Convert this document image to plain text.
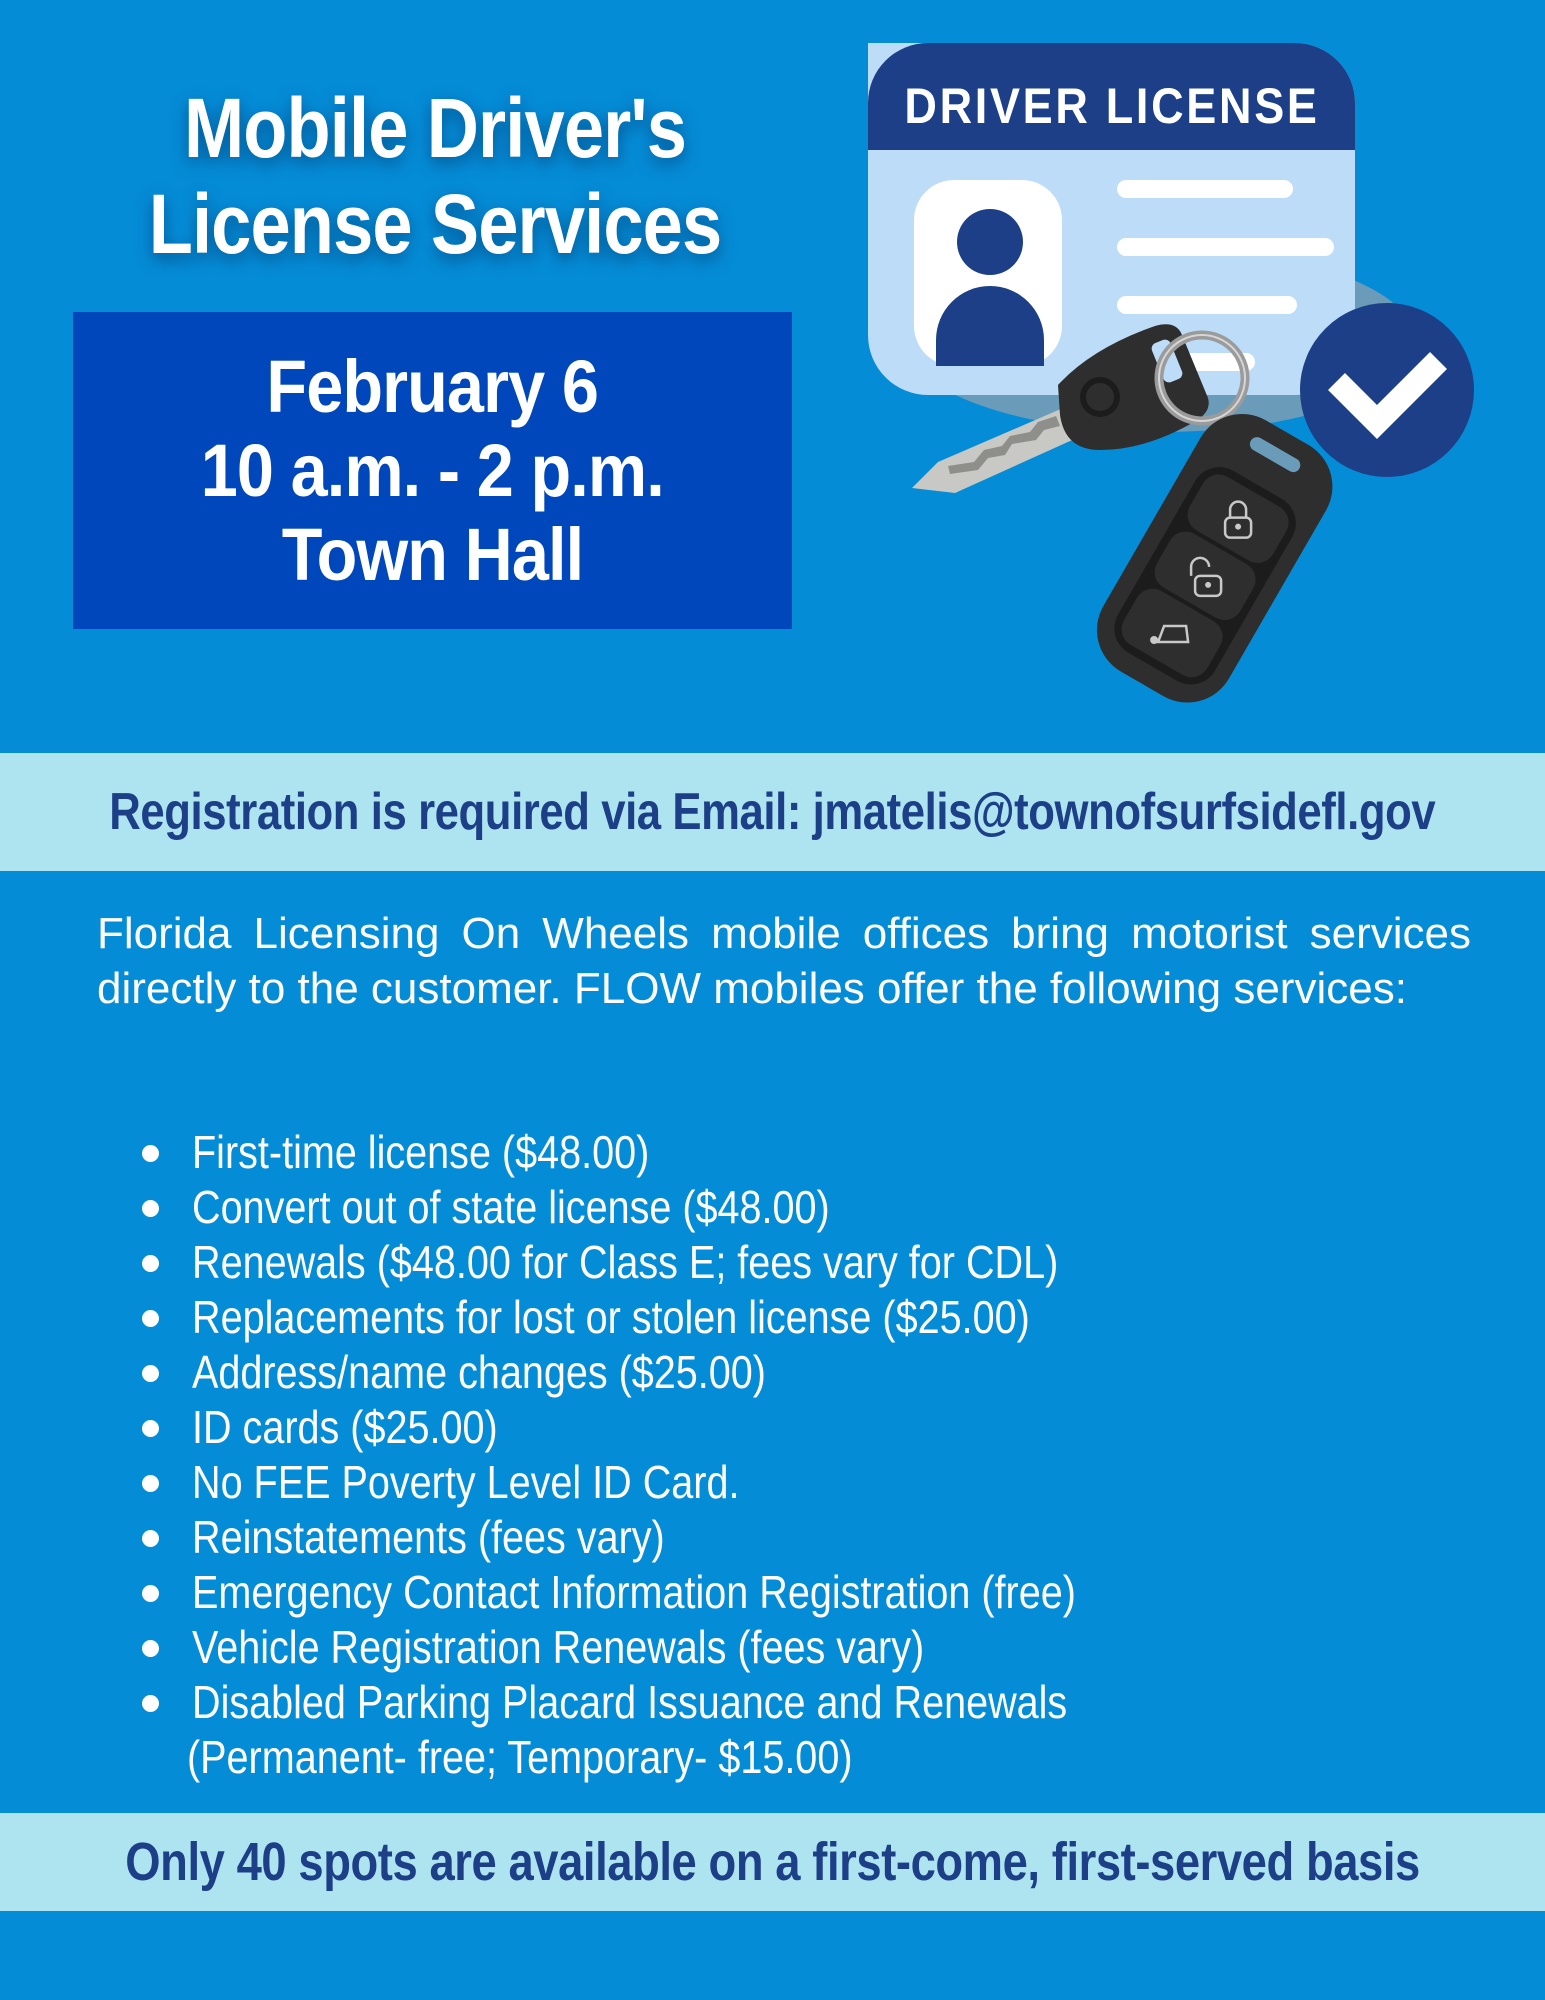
Mobile Driver's
License Services
February 6
10 a.m. - 2 p.m.
Town Hall
DRIVER LICENSE
Registration is required via Email: jmatelis@townofsurfsidefl.gov
Florida Licensing On Wheels mobile offices bring motorist services directly to the customer. FLOW mobiles offer the following services:
First-time license ($48.00)
Convert out of state license ($48.00)
Renewals ($48.00 for Class E; fees vary for CDL)
Replacements for lost or stolen license ($25.00)
Address/name changes ($25.00)
ID cards ($25.00)
No FEE Poverty Level ID Card.
Reinstatements (fees vary)
Emergency Contact Information Registration (free)
Vehicle Registration Renewals (fees vary)
Disabled Parking Placard Issuance and Renewals
(Permanent- free; Temporary- $15.00)
Only 40 spots are available on a first-come, first-served basis
